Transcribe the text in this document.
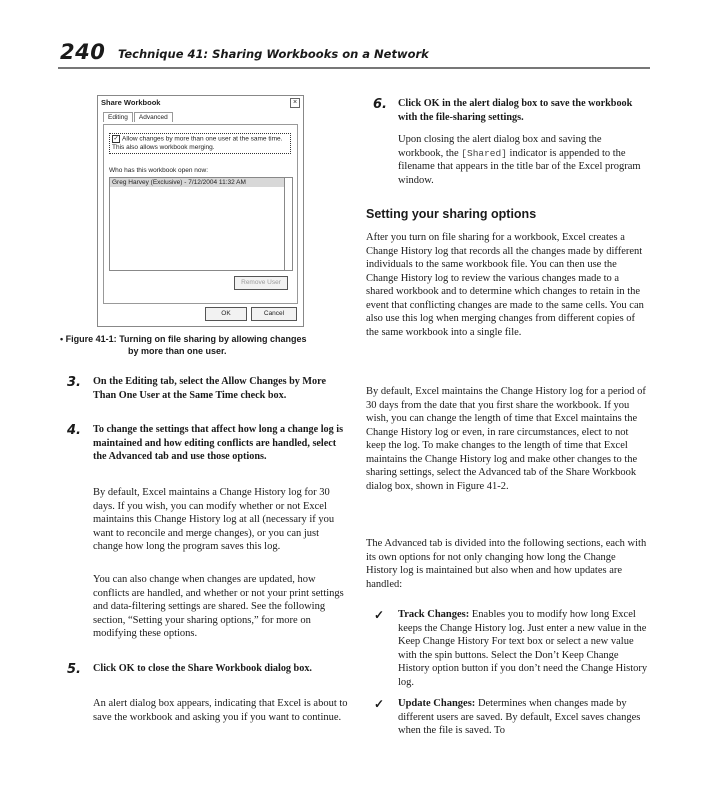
240 Technique 41: Sharing Workbooks on a Network
Share Workbook	×
Editing Advanced
✓ Allow changes by more than one user at the same time. This also allows workbook merging.
Who has this workbook open now:
Greg Harvey (Exclusive) - 7/12/2004 11:32 AM
Remove User
OK	Cancel
• Figure 41-1: Turning on file sharing by allowing changes
by more than one user.
3. On the Editing tab, select the Allow Changes by More Than One User at the Same Time check box.
4. To change the settings that affect how long a change log is maintained and how editing conflicts are handled, select the Advanced tab and use those options.
By default, Excel maintains a Change History log for 30 days. If you wish, you can modify whether or not Excel maintains this Change History log at all (necessary if you want to reconcile and merge changes), or you can just change how long the program saves this log.
You can also change when changes are updated, how conflicts are handled, and whether or not your print settings and data-filtering settings are shared. See the following section, “Setting your sharing options,” for more on modifying these options.
5. Click OK to close the Share Workbook dialog box.
An alert dialog box appears, indicating that Excel is about to save the workbook and asking you if you want to continue.
6. Click OK in the alert dialog box to save the workbook with the file-sharing settings.
Upon closing the alert dialog box and saving the workbook, the [Shared] indicator is appended to the filename that appears in the title bar of the Excel program window.
Setting your sharing options
After you turn on file sharing for a workbook, Excel creates a Change History log that records all the changes made by different individuals to the same workbook file. You can then use the Change History log to review the various changes made to a shared workbook and to determine which changes to retain in the event that conflicting changes are made to the same cells. You can also use this log when merging changes from different copies of the same workbook into a single file.
By default, Excel maintains the Change History log for a period of 30 days from the date that you first share the workbook. If you wish, you can change the length of time that Excel maintains the Change History log or even, in rare circumstances, elect to not keep the log. To make changes to the length of time that Excel maintains the Change History log and make other changes to the sharing settings, select the Advanced tab of the Share Workbook dialog box, shown in Figure 41-2.
The Advanced tab is divided into the following sections, each with its own options for not only changing how long the Change History log is maintained but also when and how updates are handled:
✓ Track Changes: Enables you to modify how long Excel keeps the Change History log. Just enter a new value in the Keep Change History For text box or select a new value with the spin buttons. Select the Don’t Keep Change History option button if you don’t need the Change History log.
✓ Update Changes: Determines when changes made by different users are saved. By default, Excel saves changes when the file is saved. To
